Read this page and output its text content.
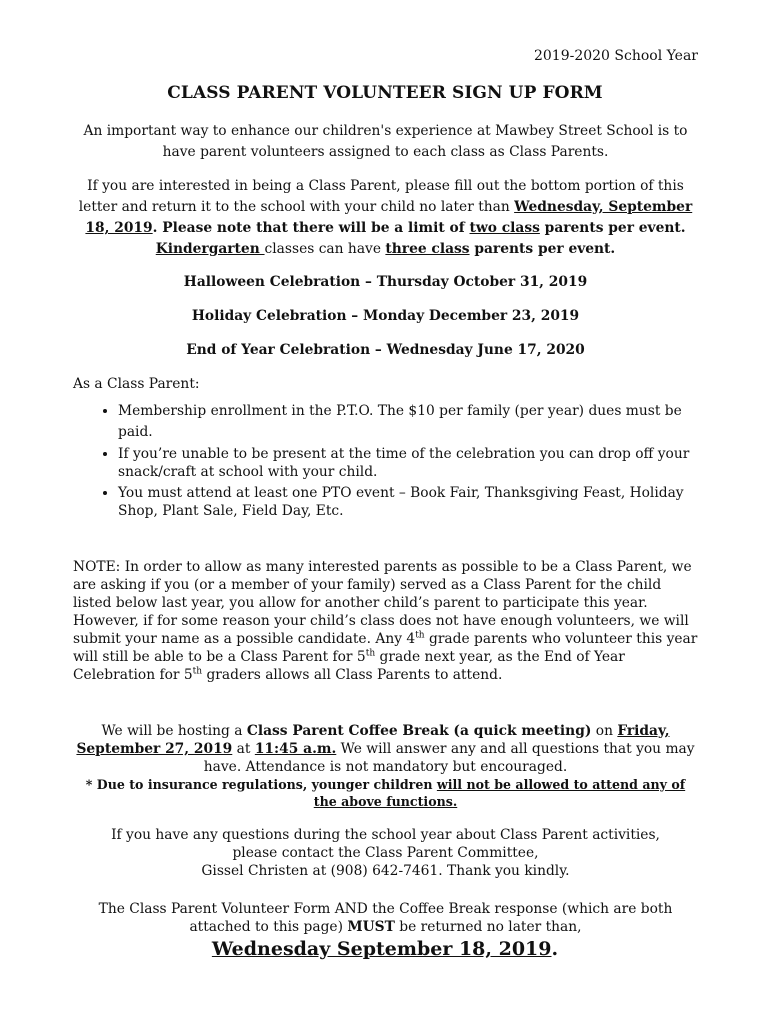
2019-2020 School Year
CLASS PARENT VOLUNTEER SIGN UP FORM
An important way to enhance our children's experience at Mawbey Street School is to have parent volunteers assigned to each class as Class Parents.
If you are interested in being a Class Parent, please fill out the bottom portion of this letter and return it to the school with your child no later than Wednesday, September 18, 2019. Please note that there will be a limit of two class parents per event. Kindergarten classes can have three class parents per event.
Halloween Celebration – Thursday October 31, 2019
Holiday Celebration – Monday December 23, 2019
End of Year Celebration – Wednesday June 17, 2020
As a Class Parent:
• Membership enrollment in the P.T.O. The $10 per family (per year) dues must be paid.
• If you’re unable to be present at the time of the celebration you can drop off your snack/craft at school with your child.
• You must attend at least one PTO event – Book Fair, Thanksgiving Feast, Holiday Shop, Plant Sale, Field Day, Etc.
NOTE: In order to allow as many interested parents as possible to be a Class Parent, we are asking if you (or a member of your family) served as a Class Parent for the child listed below last year, you allow for another child’s parent to participate this year. However, if for some reason your child’s class does not have enough volunteers, we will submit your name as a possible candidate. Any 4th grade parents who volunteer this year will still be able to be a Class Parent for 5th grade next year, as the End of Year Celebration for 5th graders allows all Class Parents to attend.
We will be hosting a Class Parent Coffee Break (a quick meeting) on Friday, September 27, 2019 at 11:45 a.m. We will answer any and all questions that you may have. Attendance is not mandatory but encouraged.
* Due to insurance regulations, younger children will not be allowed to attend any of the above functions.
If you have any questions during the school year about Class Parent activities,
please contact the Class Parent Committee,
Gissel Christen at (908) 642-7461. Thank you kindly.
The Class Parent Volunteer Form AND the Coffee Break response (which are both attached to this page) MUST be returned no later than,
Wednesday September 18, 2019.
